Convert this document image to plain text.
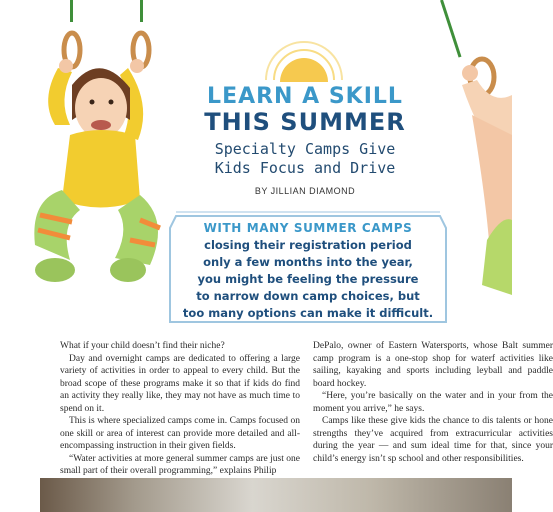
LEARN A SKILL
THIS SUMMER
Specialty Camps Give
Kids Focus and Drive
BY JILLIAN DIAMOND
WITH MANY SUMMER CAMPS
closing their registration period
only a few months into the year,
you might be feeling the pressure
to narrow down camp choices, but
too many options can make it difficult.

What if your child doesn’t find their niche?

Day and overnight camps are dedicated to offering a large variety of activities in order to appeal to every child. But the broad scope of these programs make it so that if kids do find an activity they really like, they may not have as much time to spend on it.

This is where specialized camps come in. Camps focused on one skill or area of interest can provide more detailed and all-encompassing instruction in their given fields.

“Water activities at more general summer camps are just one small part of their overall programming,” explains Philip

DePalo, owner of Eastern Watersports, whose Balt summer camp program is a one-stop shop for waterf activities like sailing, kayaking and sports including leyball and paddle board hockey.

“Here, you’re basically on the water and in your from the moment you arrive,” he says.

Camps like these give kids the chance to dis talents or hone strengths they’ve acquired from extracurricular activities during the year — and sum ideal time for that, since your child’s energy isn’t sp school and other responsibilities.
